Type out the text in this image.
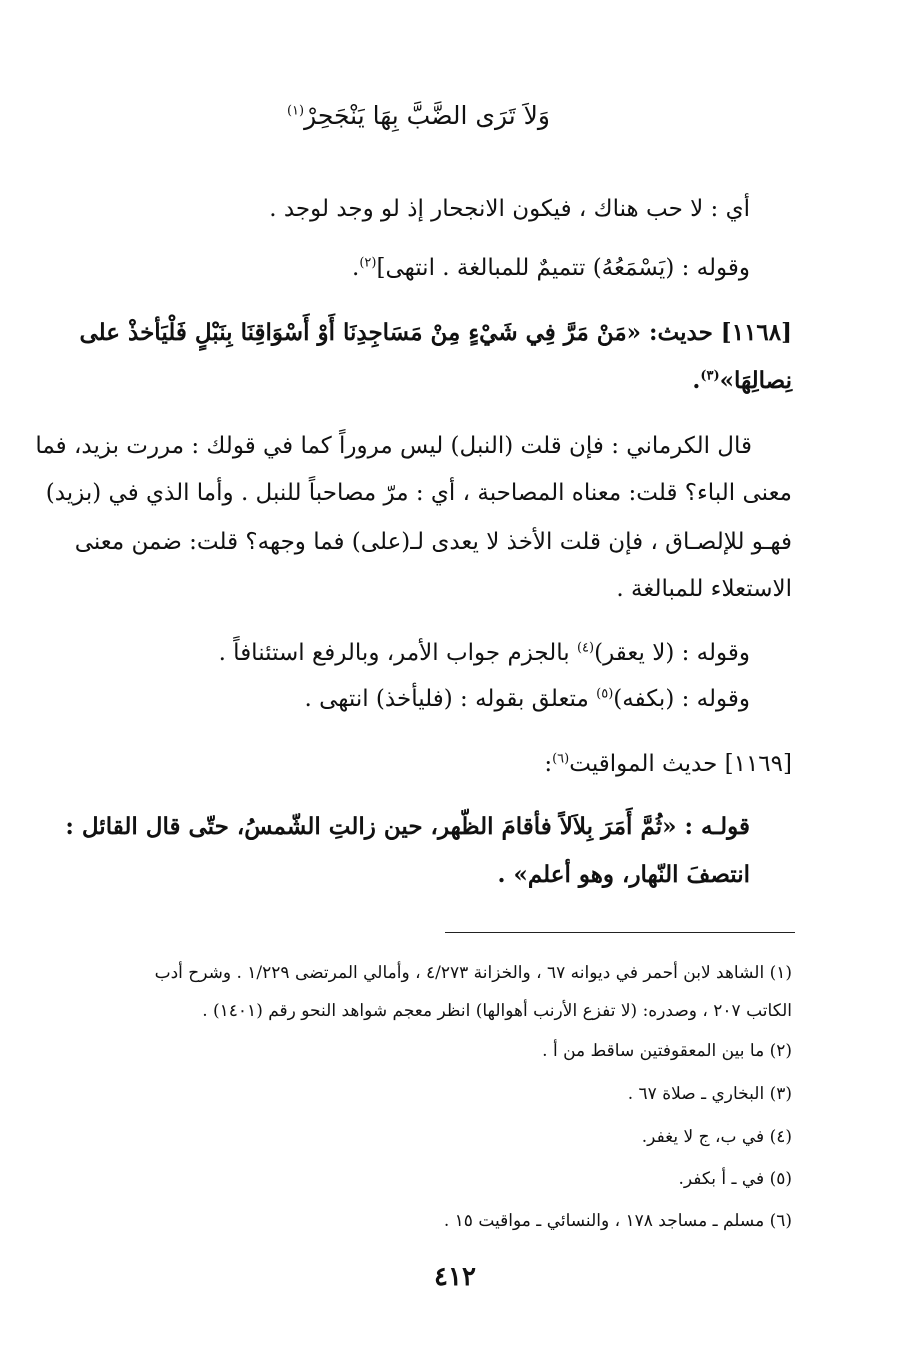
وَلاَ تَرَى الضَّبَّ بِهَا يَنْجَحِرْ$^{(١)}$
أي : لا حب هناك ، فيكون الانجحار إذ لو وجد لوجد .
وقوله : (يَسْمَعُهُ) تتميمٌ للمبالغة . انتهى]$^{(٢)}$.
[١١٦٨] حديث: «مَنْ مَرَّ فِي شَيْءٍ مِنْ مَسَاجِدِنَا أَوْ أَسْوَاقِنَا بِنَبْلٍ فَلْيَأخذْ على
نِصالِهَا»$^{(٣)}$.
قال الكرماني : فإن قلت (النبل) ليس مروراً كما في قولك : مررت بزيد، فما
معنى الباء؟ قلت: معناه المصاحبة ، أي : مرّ مصاحباً للنبل . وأما الذي في (بزيد)
فهـو للإلصـاق ، فإن قلت الأخذ لا يعدى لـ(على) فما وجهه؟ قلت: ضمن معنى
الاستعلاء للمبالغة .
وقوله : (لا يعقر)$^{(٤)}$ بالجزم جواب الأمر، وبالرفع استئنافاً .
وقوله : (بكفه)$^{(٥)}$ متعلق بقوله : (فليأخذ) انتهى .
[١١٦٩] حديث المواقيت$^{(٦)}$:
قولـه : «ثُمَّ أَمَرَ بِلاَلاً فأقامَ الظّهر، حين زالتِ الشّمسُ، حتّى قال القائل :
انتصفَ النّهار، وهو أعلم» .
(١) الشاهد لابن أحمر في ديوانه ٦٧ ، والخزانة ٤/٢٧٣ ، وأمالي المرتضى ١/٢٢٩ . وشرح أدب
الكاتب ٢٠٧ ، وصدره: (لا تفزع الأرنب أهوالها) انظر معجم شواهد النحو رقم (١٤٠١) .
(٢) ما بين المعقوفتين ساقط من أ .
(٣) البخاري ـ صلاة ٦٧ .
(٤) في ب، ج لا يغفر.
(٥) في ـ أ بكفر.
(٦) مسلم ـ مساجد ١٧٨ ، والنسائي ـ مواقيت ١٥ .
٤١٢
